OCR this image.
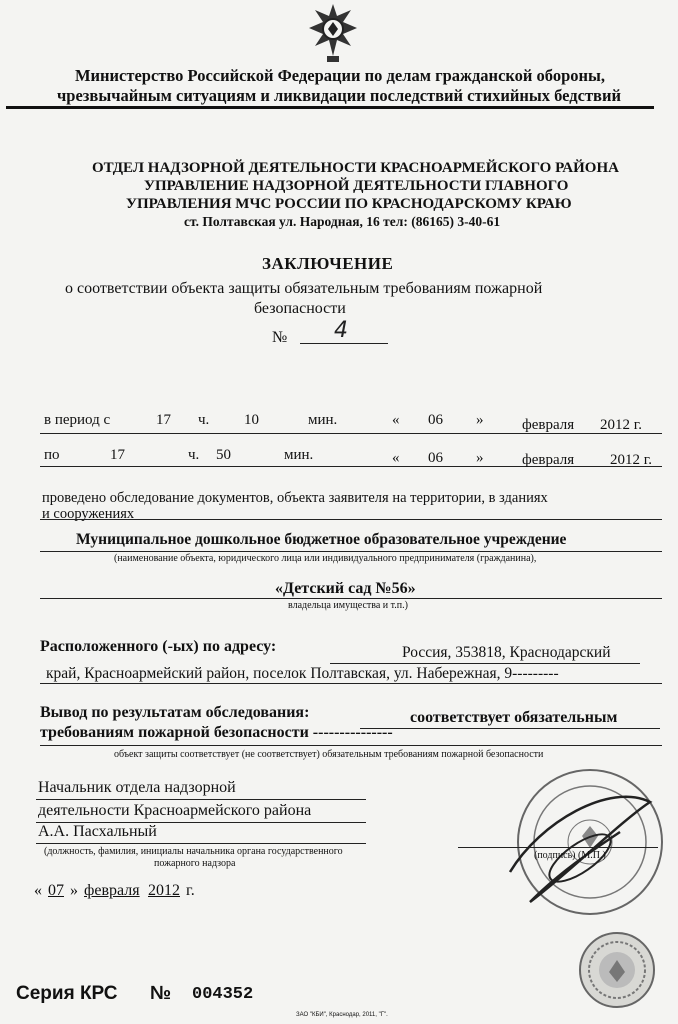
Министерство Российской Федерации по делам гражданской обороны,
чрезвычайным ситуациям и ликвидации последствий стихийных бедствий
ОТДЕЛ НАДЗОРНОЙ ДЕЯТЕЛЬНОСТИ КРАСНОАРМЕЙСКОГО РАЙОНА
УПРАВЛЕНИЕ НАДЗОРНОЙ ДЕЯТЕЛЬНОСТИ ГЛАВНОГО
УПРАВЛЕНИЯ МЧС РОССИИ ПО КРАСНОДАРСКОМУ КРАЮ
ст. Полтавская ул. Народная, 16 тел: (86165) 3-40-61
ЗАКЛЮЧЕНИЕ
о соответствии объекта защиты обязательным требованиям пожарной
безопасности
№ 4
в период с	17 ч. 10	мин.	« 06 »	февраля 2012 г.
по	17	ч. 50	мин.	« 06 »	февраля 2012 г.
проведено обследование документов, объекта заявителя на территории, в зданиях
и сооружениях
Муниципальное дошкольное бюджетное образовательное учреждение
(наименование объекта, юридического лица или индивидуального предпринимателя (гражданина),
«Детский сад №56»
владельца имущества и т.п.)
Расположенного (-ых) по адресу:	Россия, 353818, Краснодарский
край, Красноармейский район, поселок Полтавская, ул. Набережная, 9---------
Вывод по результатам обследования:	соответствует обязательным
требованиям пожарной безопасности ---------------
объект защиты соответствует (не соответствует) обязательным требованиям пожарной безопасности
Начальник отдела надзорной
деятельности Красноармейского района
А.А. Пасхальный
(должность, фамилия, инициалы начальника органа государственного
пожарного надзора
(подпись) (М.П.)
« 07 » февраля 2012 г.
Серия КРС № 004352
ЗАО "КБИ", Краснодар, 2011, "Г".
